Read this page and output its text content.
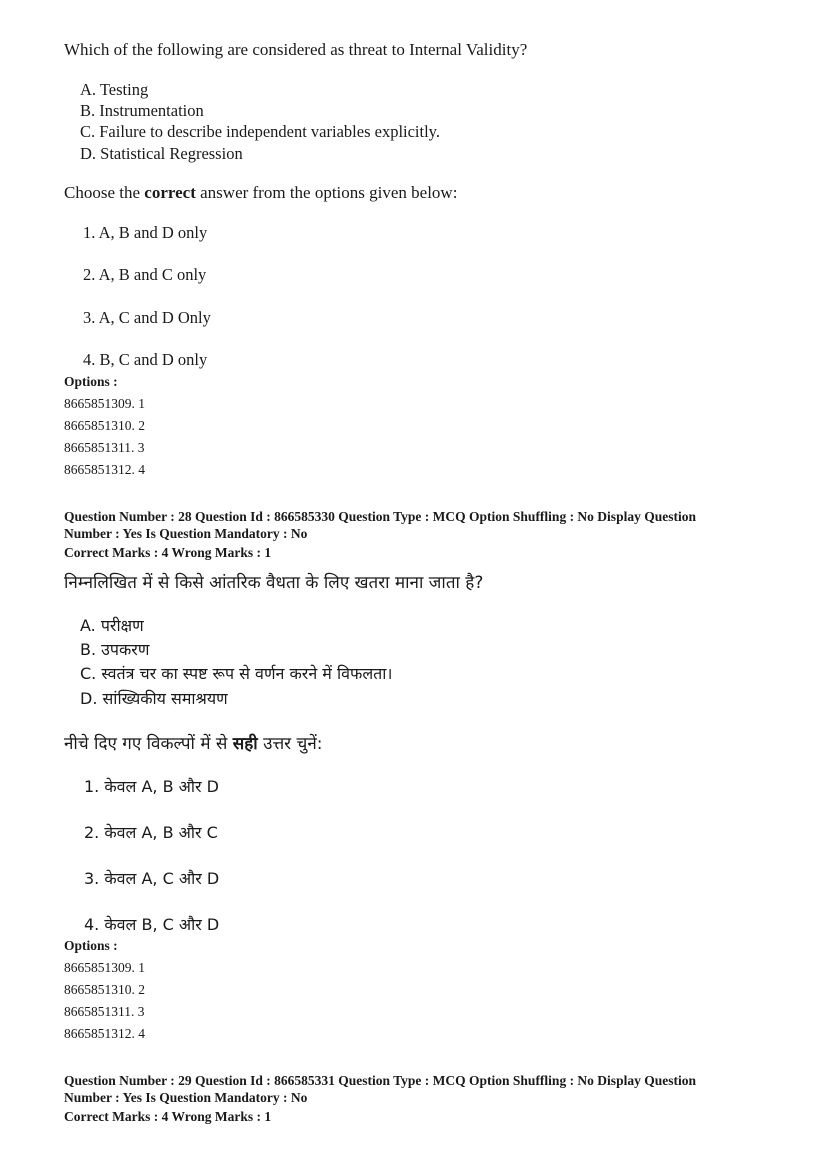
Which of the following are considered as threat to Internal Validity?
A. Testing
B. Instrumentation
C. Failure to describe independent variables explicitly.
D. Statistical Regression
Choose the correct answer from the options given below:
1. A, B and D only
2. A, B and C only
3. A, C and D Only
4. B, C and D only
Options :
8665851309. 1
8665851310. 2
8665851311. 3
8665851312. 4
Question Number : 28 Question Id : 866585330 Question Type : MCQ Option Shuffling : No Display Question
Number : Yes Is Question Mandatory : No
Correct Marks : 4 Wrong Marks : 1
निम्नलिखित में से किसे आंतरिक वैधता के लिए खतरा माना जाता है?
A. परीक्षण
B. उपकरण
C. स्वतंत्र चर का स्पष्ट रूप से वर्णन करने में विफलता।
D. सांख्यिकीय समाश्रयण
नीचे दिए गए विकल्पों में से सही उत्तर चुनें:
1. केवल A, B और D
2. केवल A, B और C
3. केवल A, C और D
4. केवल B, C और D
Options :
8665851309. 1
8665851310. 2
8665851311. 3
8665851312. 4
Question Number : 29 Question Id : 866585331 Question Type : MCQ Option Shuffling : No Display Question
Number : Yes Is Question Mandatory : No
Correct Marks : 4 Wrong Marks : 1
